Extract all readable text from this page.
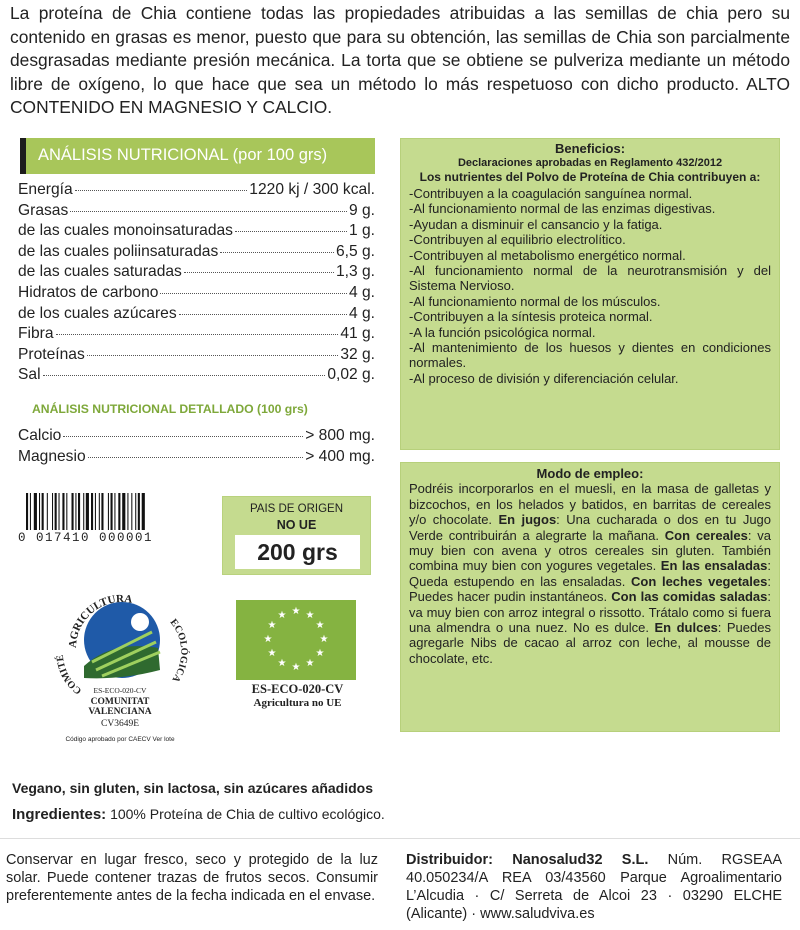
La proteína de Chia contiene todas las propiedades atribuidas a las semillas de chia pero su contenido en grasas es menor, puesto que para su obtención, las semillas de Chia son parcialmente desgrasadas mediante presión mecánica. La torta que se obtiene se pulveriza mediante un método libre de oxígeno, lo que hace que sea un método lo más respetuoso con dicho producto. ALTO CONTENIDO EN MAGNESIO Y CALCIO.
ANÁLISIS NUTRICIONAL (por 100 grs)
Energía	1220 kj / 300 kcal.
Grasas	9 g.
de las cuales monoinsaturadas	1 g.
de las cuales poliinsaturadas	6,5 g.
de las cuales saturadas	1,3 g.
Hidratos de carbono	4 g.
de los cuales azúcares	4 g.
Fibra	41 g.
Proteínas	32 g.
Sal	0,02 g.
ANÁLISIS NUTRICIONAL DETALLADO (100 grs)
Calcio	> 800 mg.
Magnesio	> 400 mg.
0 017410 000001
PAIS DE ORIGEN
NO UE
200 grs
AGRICULTURA
COMITÉ
ECOLÓGICA
ES-ECO-020-CV
COMUNITAT VALENCIANA
CV3649E
Código aprobado por CAECV Ver lote
★ ★
★
★
★
★
★
★
★
★
★
★
ES-ECO-020-CV
Agricultura no UE
Beneficios:
Declaraciones aprobadas en Reglamento 432/2012
Los nutrientes del Polvo de Proteína de Chia contribuyen a:
-Contribuyen a la coagulación sanguínea normal.
-Al funcionamiento normal de las enzimas digestivas.
-Ayudan a disminuir el cansancio y la fatiga.
-Contribuyen al equilibrio electrolítico.
-Contribuyen al metabolismo energético normal.
-Al funcionamiento normal de la neurotransmisión y del Sistema Nervioso.
-Al funcionamiento normal de los músculos.
-Contribuyen a la síntesis proteica normal.
-A la función psicológica normal.
-Al mantenimiento de los huesos y dientes en condiciones normales.
-Al proceso de división y diferenciación celular.
Modo de empleo:
Podréis incorporarlos en el muesli, en la masa de galletas y bizcochos, en los helados y batidos, en barritas de cereales y/o chocolate. En jugos: Una cucharada o dos en tu Jugo Verde contribuirán a alegrarte la mañana. Con cereales: va muy bien con avena y otros cereales sin gluten. También combina muy bien con yogures vegetales. En las ensaladas: Queda estupendo en las ensaladas. Con leches vegetales: Puedes hacer pudin instantáneos. Con las comidas saladas: va muy bien con arroz integral o rissotto. Trátalo como si fuera una almendra o una nuez. No es dulce. En dulces: Puedes agregarle Nibs de cacao al arroz con leche, al mousse de chocolate, etc.
Vegano, sin gluten, sin lactosa, sin azúcares añadidos
Ingredientes: 100% Proteína de Chia de cultivo ecológico.
Conservar en lugar fresco, seco y protegido de la luz solar. Puede contener trazas de frutos secos. Consumir preferentemente antes de la fecha indicada en el envase.
Distribuidor: Nanosalud32 S.L. Núm. RGSEAA 40.050234/A REA 03/43560 Parque Agroalimentario L’Alcudia · C/ Serreta de Alcoi 23 · 03290 ELCHE (Alicante) · www.saludviva.es
